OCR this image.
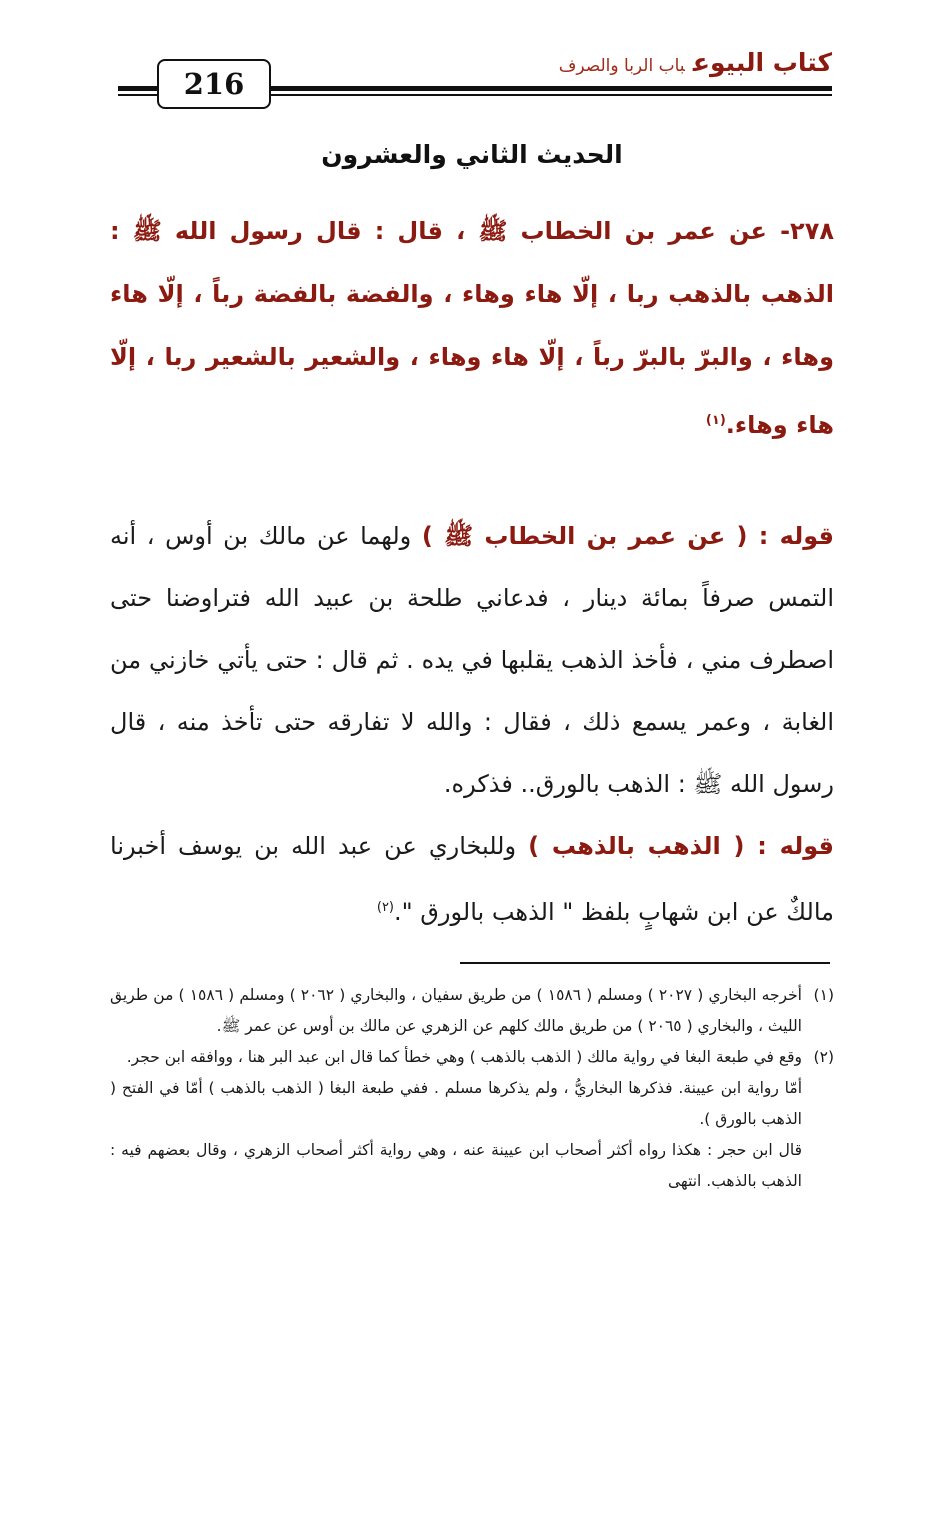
216
كتاب البيوعباب الربا والصرف
الحديث الثاني والعشرون
٢٧٨- عن عمر بن الخطاب ﷺ ، قال : قال رسول الله ﷺ : الذهب بالذهب ربا ، إلّا هاء وهاء ، والفضة بالفضة رباً ، إلّا هاء وهاء ، والبرّ بالبرّ رباً ، إلّا هاء وهاء ، والشعير بالشعير ربا ، إلّا هاء وهاء.$^{(١)}$

قوله : ( عن عمر بن الخطاب ﷺ ) ولهما عن مالك بن أوس ، أنه التمس صرفاً بمائة دينار ، فدعاني طلحة بن عبيد الله فتراوضنا حتى اصطرف مني ، فأخذ الذهب يقلبها في يده . ثم قال : حتى يأتي خازني من الغابة ، وعمر يسمع ذلك ، فقال : والله لا تفارقه حتى تأخذ منه ، قال رسول الله ﷺ : الذهب بالورق.. فذكره.

قوله : ( الذهب بالذهب ) وللبخاري عن عبد الله بن يوسف أخبرنا مالكٌ عن ابن شهابٍ بلفظ " الذهب بالورق ".$^{(٢)}$

(١)
أخرجه البخاري ( ٢٠٢٧ ) ومسلم ( ١٥٨٦ ) من طريق سفيان ، والبخاري ( ٢٠٦٢ ) ومسلم ( ١٥٨٦ ) من طريق الليث ، والبخاري ( ٢٠٦٥ ) من طريق مالك كلهم عن الزهري عن مالك بن أوس عن عمر ﷺ.

(٢)
وقع في طبعة البغا في رواية مالك ( الذهب بالذهب ) وهي خطأ كما قال ابن عبد البر هنا ، ووافقه ابن حجر.

أمّا رواية ابن عيينة. فذكرها البخاريُّ ، ولم يذكرها مسلم . ففي طبعة البغا ( الذهب بالذهب ) أمّا في الفتح ( الذهب بالورق ).

قال ابن حجر : هكذا رواه أكثر أصحاب ابن عيينة عنه ، وهي رواية أكثر أصحاب الزهري ، وقال بعضهم فيه : الذهب بالذهب. انتهى
